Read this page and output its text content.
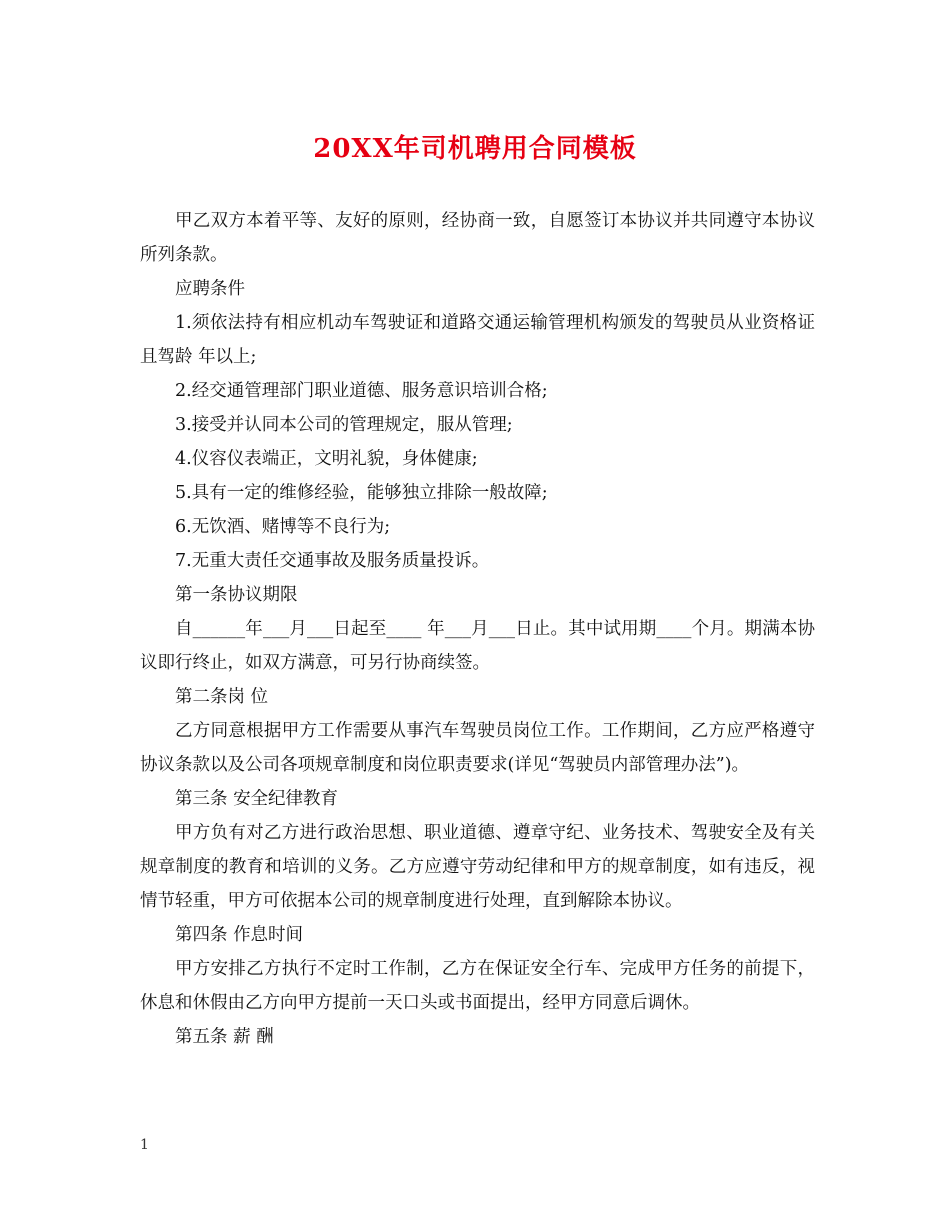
20XX年司机聘用合同模板

甲乙双方本着平等、友好的原则，经协商一致，自愿签订本协议并共同遵守本协议所列条款。

应聘条件

1.须依法持有相应机动车驾驶证和道路交通运输管理机构颁发的驾驶员从业资格证且驾龄 年以上;

2.经交通管理部门职业道德、服务意识培训合格;

3.接受并认同本公司的管理规定，服从管理;

4.仪容仪表端正，文明礼貌，身体健康;

5.具有一定的维修经验，能够独立排除一般故障;

6.无饮酒、赌博等不良行为;

7.无重大责任交通事故及服务质量投诉。

第一条协议期限

自______年___月___日起至____ 年___月___日止。其中试用期____个月。期满本协议即行终止，如双方满意，可另行协商续签。

第二条岗 位

乙方同意根据甲方工作需要从事汽车驾驶员岗位工作。工作期间，乙方应严格遵守协议条款以及公司各项规章制度和岗位职责要求(详见“驾驶员内部管理办法”)。

第三条 安全纪律教育

甲方负有对乙方进行政治思想、职业道德、遵章守纪、业务技术、驾驶安全及有关规章制度的教育和培训的义务。乙方应遵守劳动纪律和甲方的规章制度，如有违反，视情节轻重，甲方可依据本公司的规章制度进行处理，直到解除本协议。

第四条 作息时间

甲方安排乙方执行不定时工作制，乙方在保证安全行车、完成甲方任务的前提下，休息和休假由乙方向甲方提前一天口头或书面提出，经甲方同意后调休。

第五条 薪 酬

1
